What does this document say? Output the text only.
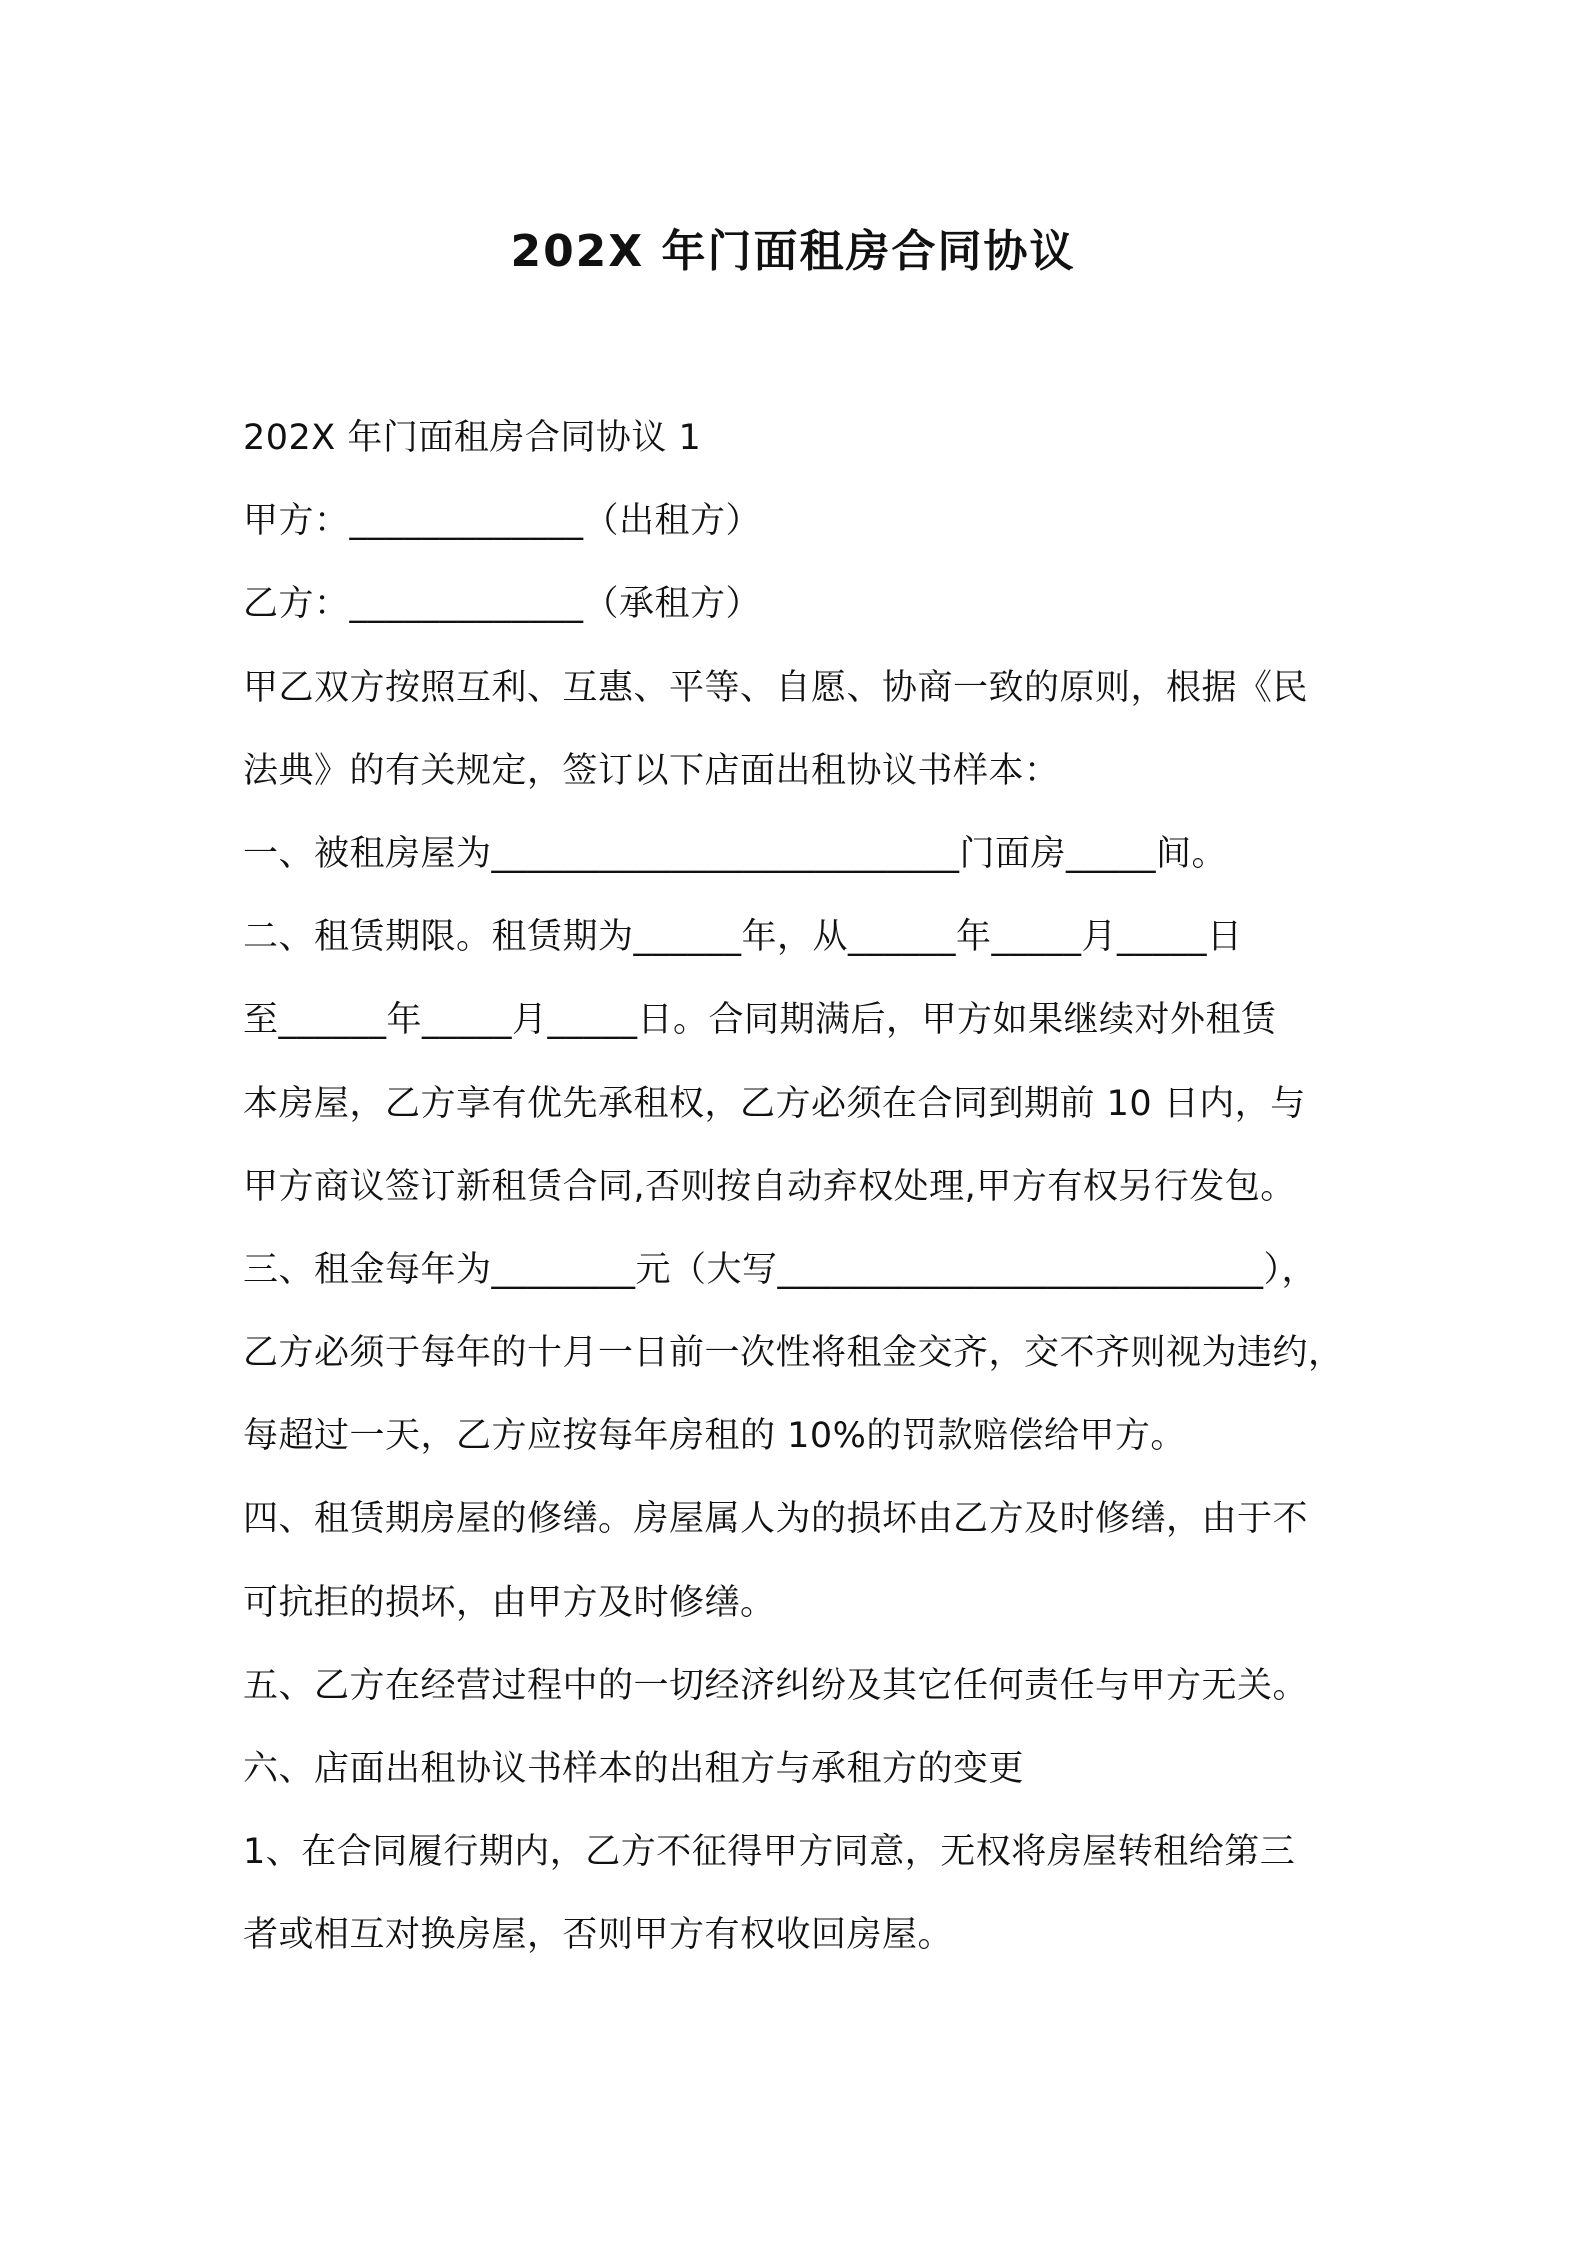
202X 年门面租房合同协议
202X 年门面租房合同协议 1
甲方：_____________（出租方）
乙方：_____________（承租方）
甲乙双方按照互利、互惠、平等、自愿、协商一致的原则，根据《民
法典》的有关规定，签订以下店面出租协议书样本：
一、被租房屋为__________________________门面房_____间。
二、租赁期限。租赁期为______年，从______年_____月_____日
至______年_____月_____日。合同期满后，甲方如果继续对外租赁
本房屋，乙方享有优先承租权，乙方必须在合同到期前 10 日内，与
甲方商议签订新租赁合同,否则按自动弃权处理,甲方有权另行发包。
三、租金每年为________元（大写___________________________），
乙方必须于每年的十月一日前一次性将租金交齐，交不齐则视为违约，
每超过一天，乙方应按每年房租的 10%的罚款赔偿给甲方。
四、租赁期房屋的修缮。房屋属人为的损坏由乙方及时修缮，由于不
可抗拒的损坏，由甲方及时修缮。
五、乙方在经营过程中的一切经济纠纷及其它任何责任与甲方无关。
六、店面出租协议书样本的出租方与承租方的变更
1、在合同履行期内，乙方不征得甲方同意，无权将房屋转租给第三
者或相互对换房屋，否则甲方有权收回房屋。
